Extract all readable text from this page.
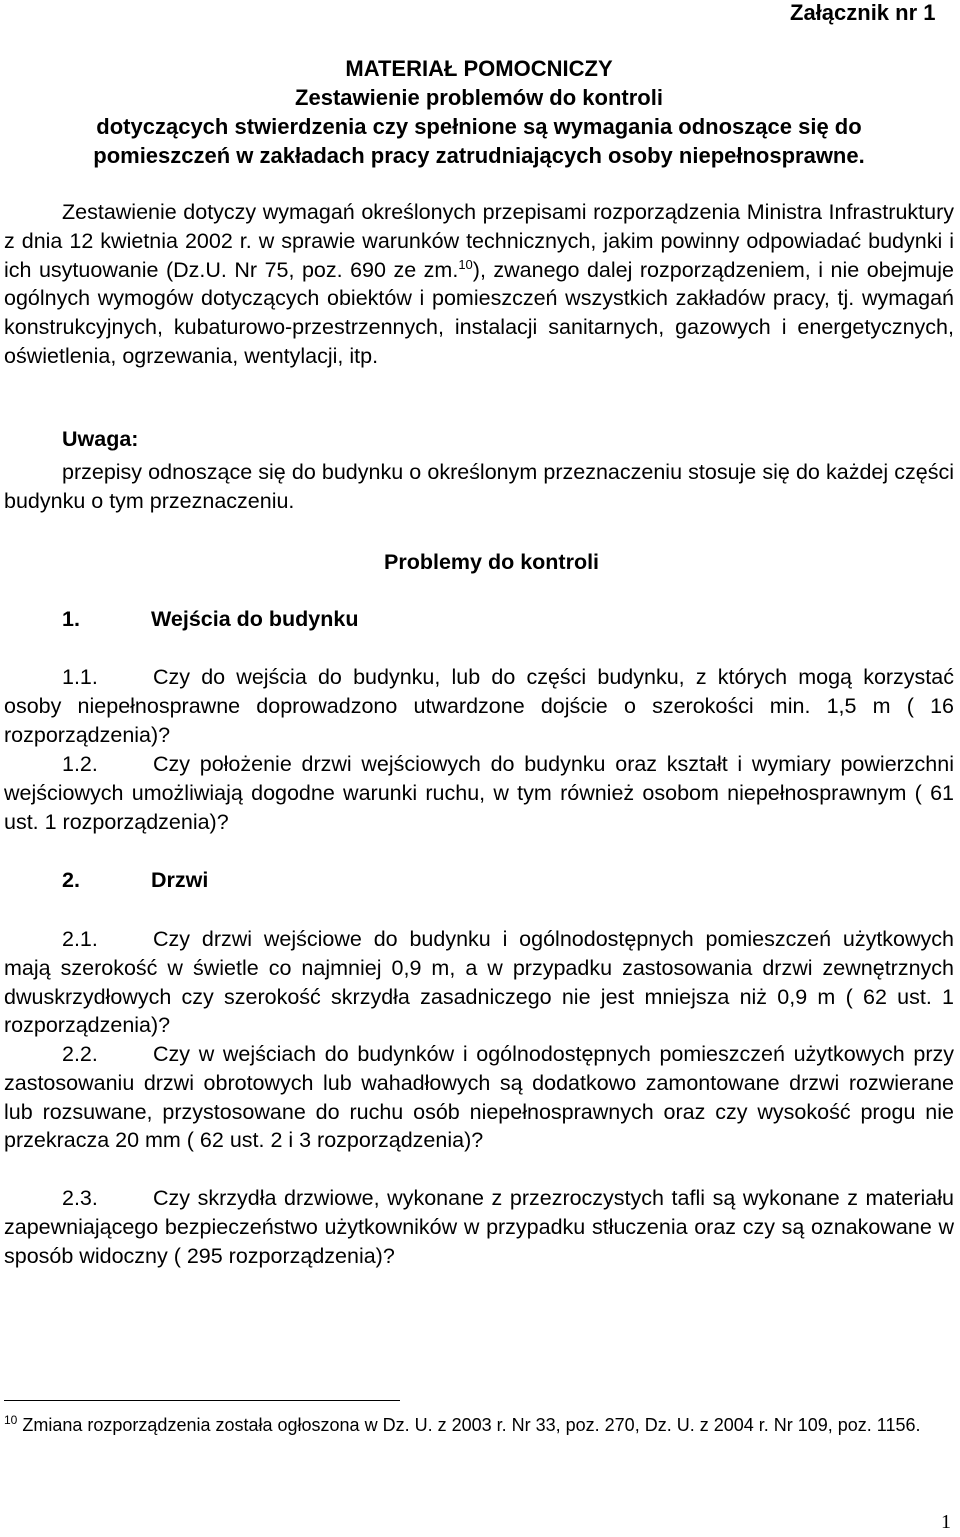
Załącznik nr 1
MATERIAŁ POMOCNICZY
Zestawienie problemów do kontroli
dotyczących stwierdzenia czy spełnione są wymagania odnoszące się do
pomieszczeń w zakładach pracy zatrudniających osoby niepełnosprawne.
Zestawienie dotyczy wymagań określonych przepisami rozporządzenia Ministra Infrastruktury z dnia 12 kwietnia 2002 r. w sprawie warunków technicznych, jakim powinny odpowiadać budynki i ich usytuowanie (Dz.U. Nr 75, poz. 690 ze zm.$^{10}$), zwanego dalej rozporządzeniem, i nie obejmuje ogólnych wymogów dotyczących obiektów i pomieszczeń wszystkich zakładów pracy, tj. wymagań konstrukcyjnych, kubaturowo-przestrzennych, instalacji sanitarnych, gazowych i energetycznych, oświetlenia, ogrzewania, wentylacji, itp.
Uwaga:
przepisy odnoszące się do budynku o określonym przeznaczeniu stosuje się do każdej części budynku o tym przeznaczeniu.
Problemy do kontroli
1.	Wejścia do budynku
1.1.	Czy do wejścia do budynku, lub do części budynku, z których mogą korzystać osoby niepełnosprawne doprowadzono utwardzone dojście o szerokości min. 1,5 m ( 16 rozporządzenia)?
1.2.	Czy położenie drzwi wejściowych do budynku oraz kształt i wymiary powierzchni wejściowych umożliwiają dogodne warunki ruchu, w tym również osobom niepełnosprawnym ( 61 ust. 1 rozporządzenia)?
2.	Drzwi
2.1.	Czy drzwi wejściowe do budynku i ogólnodostępnych pomieszczeń użytkowych mają szerokość w świetle co najmniej 0,9 m, a w przypadku zastosowania drzwi zewnętrznych dwuskrzydłowych czy szerokość skrzydła zasadniczego nie jest mniejsza niż 0,9 m ( 62 ust. 1 rozporządzenia)?
2.2.	Czy w wejściach do budynków i ogólnodostępnych pomieszczeń użytkowych przy zastosowaniu drzwi obrotowych lub wahadłowych są dodatkowo zamontowane drzwi rozwierane lub rozsuwane, przystosowane do ruchu osób niepełnosprawnych oraz czy wysokość progu nie przekracza 20 mm ( 62 ust. 2 i 3 rozporządzenia)?
2.3.	Czy skrzydła drzwiowe, wykonane z przezroczystych tafli są wykonane z materiału zapewniającego bezpieczeństwo użytkowników w przypadku stłuczenia oraz czy są oznakowane w sposób widoczny ( 295 rozporządzenia)?
$^{10}$ Zmiana rozporządzenia została ogłoszona w Dz. U. z 2003 r. Nr 33, poz. 270, Dz. U. z 2004 r. Nr 109, poz. 1156.
1
